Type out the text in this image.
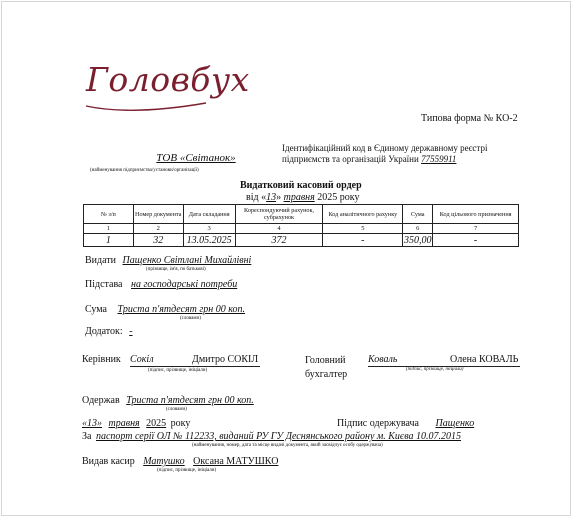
Головбух
Типова форма № КО-2
Ідентифікаційний код в Єдиному державному реєстрі
підприємств та організацій України 77559911
ТОВ «Світанок»
(найменування підприємства/установи/організації)
Видатковий касовий ордер
від «13» травня 2025 року
№ з/п	Номер документа	Дата складання	Кореспондуючий рахунок, субрахунок	Код аналітичного рахунку	Сума	Код цільового призначення
1	2	3	4	5	6	7
1	32	13.05.2025	372	-	350,00	-
Видати Пащенко Світлані Михайлівні
(прізвище, ім'я, по батькові)
Підстава на господарські потреби
Сума Триста п'ятдесят грн 00 коп.
(словами)
Додаток: -
Керівник Сокіл	Дмитро СОКІЛ
(підпис, прізвище, ініціали)
Головний
бухгалтер
Коваль	Олена КОВАЛЬ
(підпис, прізвище, ініціали)
Одержав Триста п'ятдесят грн 00 коп.
(словами)
«13» травня 2025 року	Підпис одержувача Пащенко
За паспорт серії ОЛ № 112233, виданий РУ ГУ Деснянського району м. Києва 10.07.2015
(найменування, номер, дата та місце видачі документа, який засвідчує особу одержувача)
Видав касир Матушко Оксана МАТУШКО
(підпис, прізвище, ініціали)
